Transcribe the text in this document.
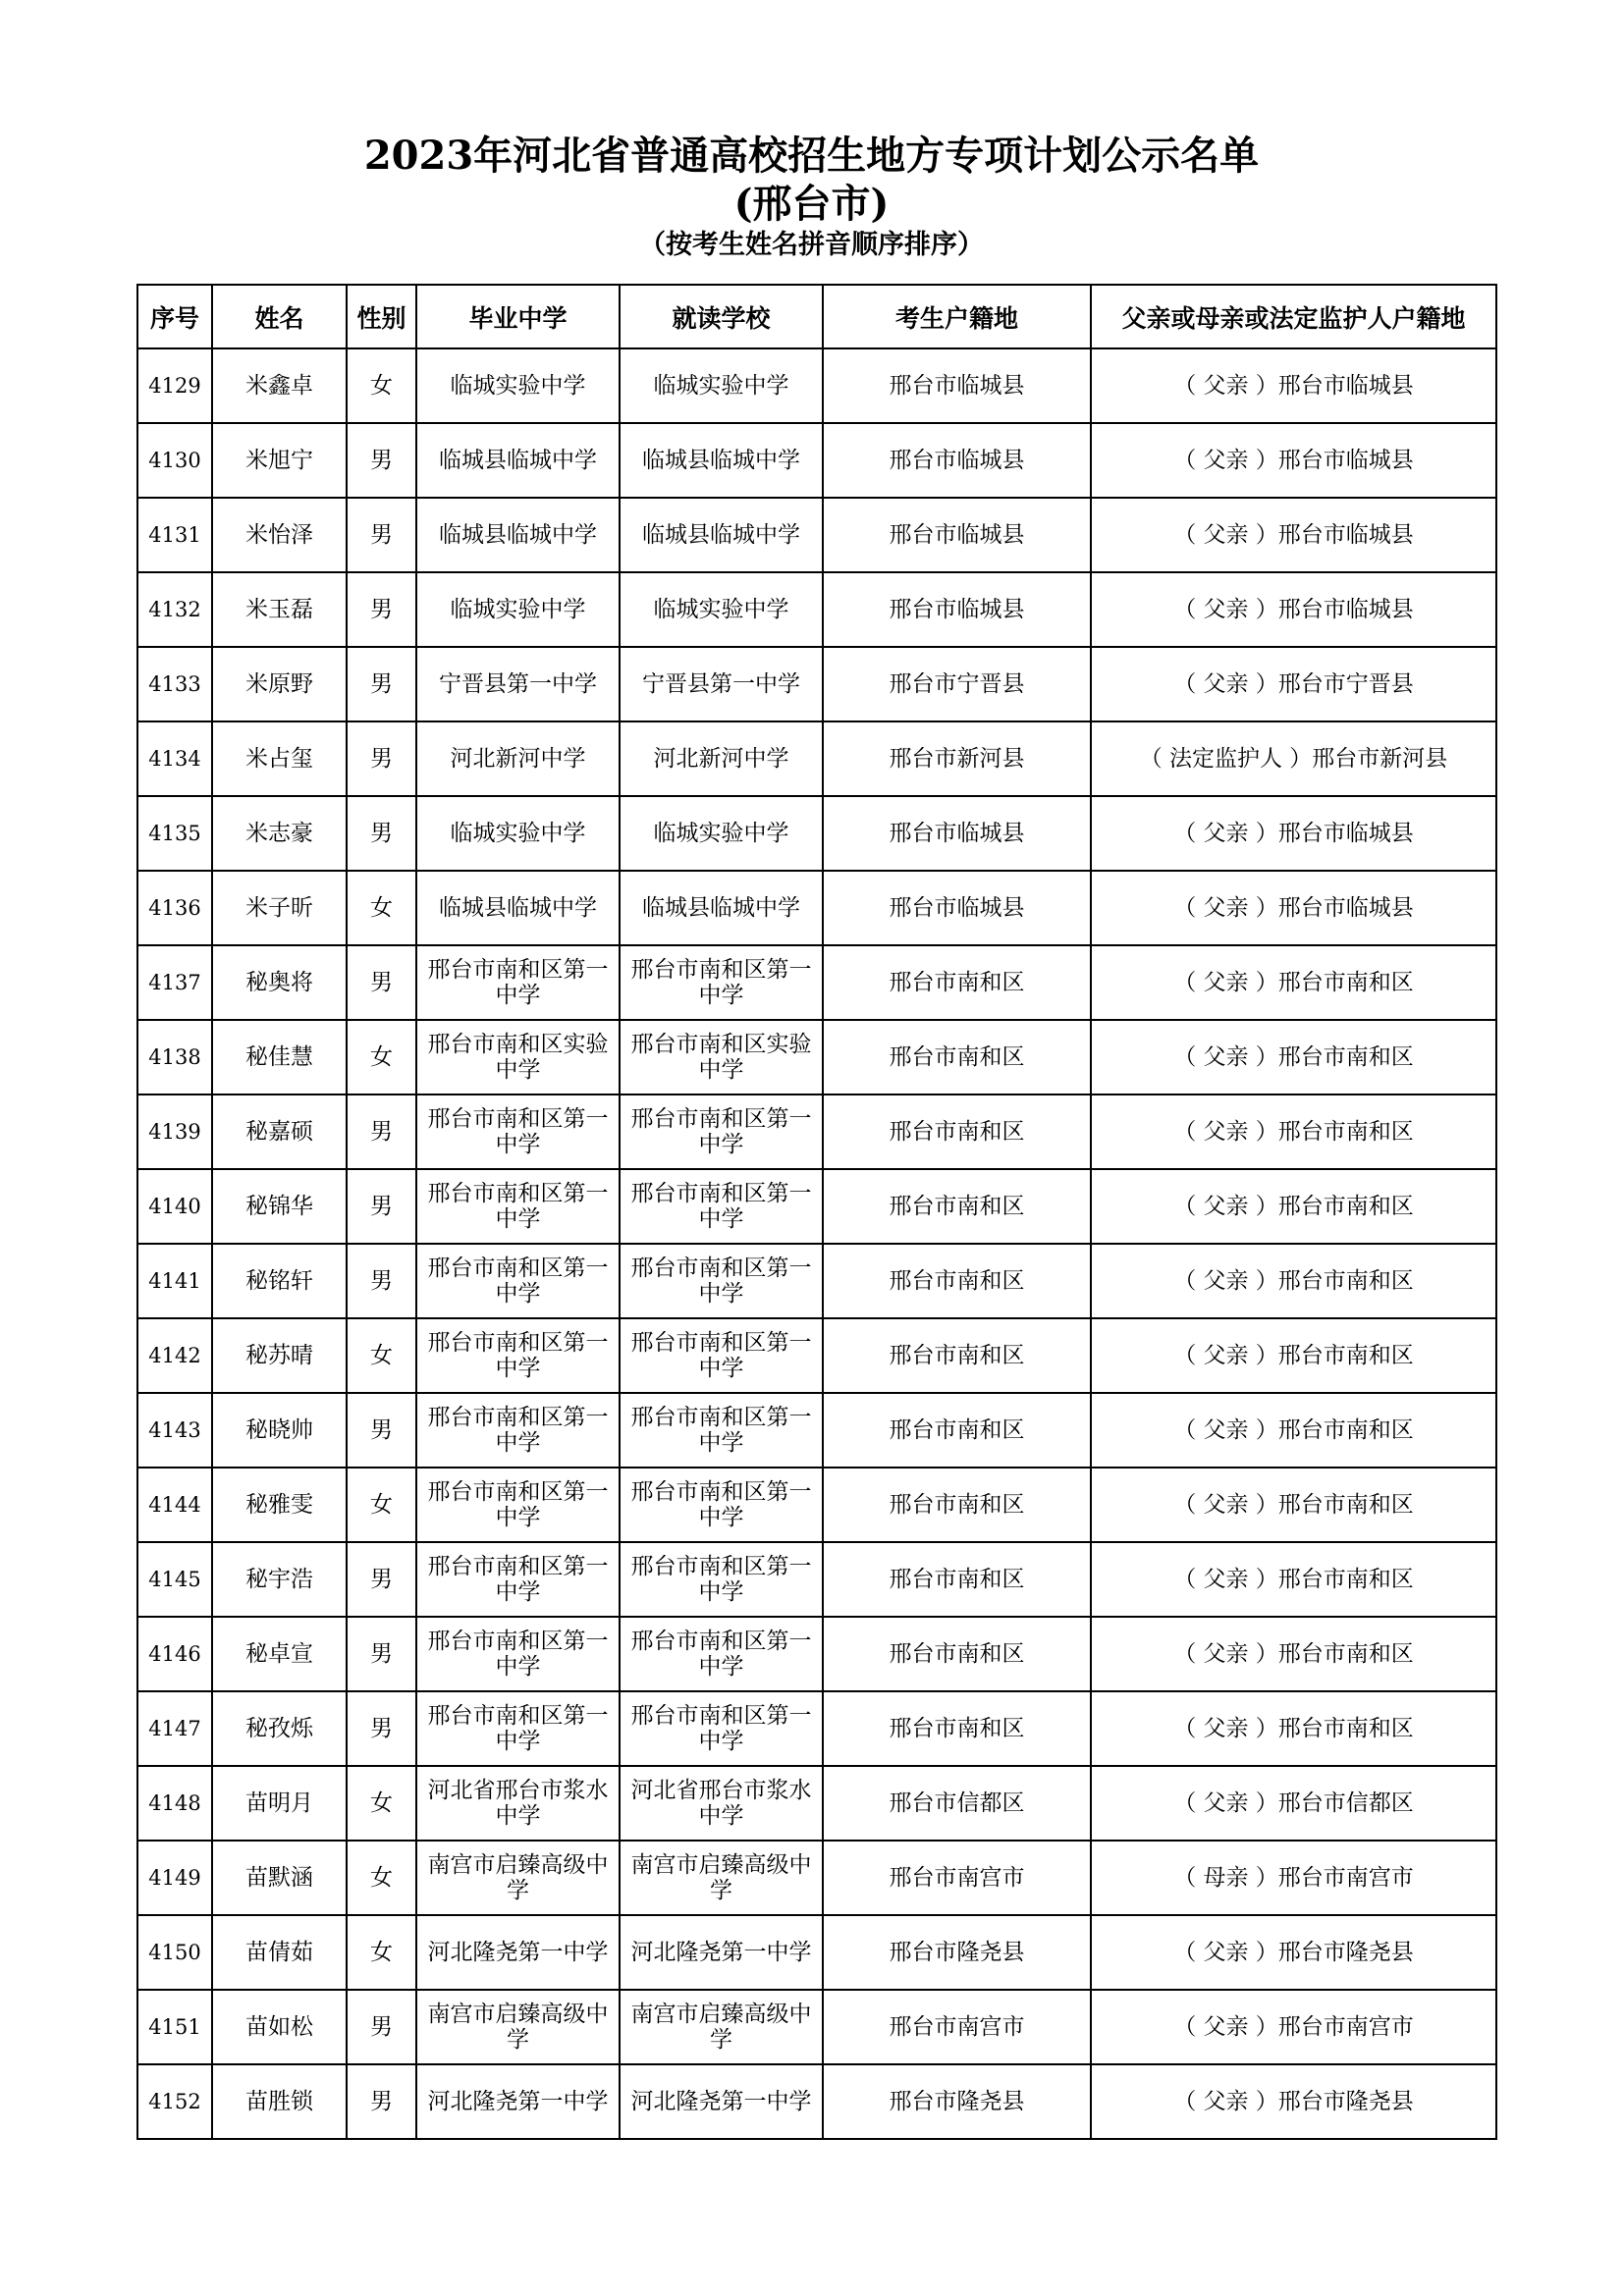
2023年河北省普通高校招生地方专项计划公示名单
(邢台市)
（按考生姓名拼音顺序排序）
序号	姓名	性别	毕业中学	就读学校	考生户籍地	父亲或母亲或法定监护人户籍地
4129	米鑫卓	女	临城实验中学	临城实验中学	邢台市临城县	（ 父亲 ）邢台市临城县
4130	米旭宁	男	临城县临城中学	临城县临城中学	邢台市临城县	（ 父亲 ）邢台市临城县
4131	米怡泽	男	临城县临城中学	临城县临城中学	邢台市临城县	（ 父亲 ）邢台市临城县
4132	米玉磊	男	临城实验中学	临城实验中学	邢台市临城县	（ 父亲 ）邢台市临城县
4133	米原野	男	宁晋县第一中学	宁晋县第一中学	邢台市宁晋县	（ 父亲 ）邢台市宁晋县
4134	米占玺	男	河北新河中学	河北新河中学	邢台市新河县	（ 法定监护人 ）邢台市新河县
4135	米志豪	男	临城实验中学	临城实验中学	邢台市临城县	（ 父亲 ）邢台市临城县
4136	米子昕	女	临城县临城中学	临城县临城中学	邢台市临城县	（ 父亲 ）邢台市临城县
4137	秘奥将	男	邢台市南和区第一中学	邢台市南和区第一中学	邢台市南和区	（ 父亲 ）邢台市南和区
4138	秘佳慧	女	邢台市南和区实验中学	邢台市南和区实验中学	邢台市南和区	（ 父亲 ）邢台市南和区
4139	秘嘉硕	男	邢台市南和区第一中学	邢台市南和区第一中学	邢台市南和区	（ 父亲 ）邢台市南和区
4140	秘锦华	男	邢台市南和区第一中学	邢台市南和区第一中学	邢台市南和区	（ 父亲 ）邢台市南和区
4141	秘铭轩	男	邢台市南和区第一中学	邢台市南和区第一中学	邢台市南和区	（ 父亲 ）邢台市南和区
4142	秘苏晴	女	邢台市南和区第一中学	邢台市南和区第一中学	邢台市南和区	（ 父亲 ）邢台市南和区
4143	秘晓帅	男	邢台市南和区第一中学	邢台市南和区第一中学	邢台市南和区	（ 父亲 ）邢台市南和区
4144	秘雅雯	女	邢台市南和区第一中学	邢台市南和区第一中学	邢台市南和区	（ 父亲 ）邢台市南和区
4145	秘宇浩	男	邢台市南和区第一中学	邢台市南和区第一中学	邢台市南和区	（ 父亲 ）邢台市南和区
4146	秘卓宣	男	邢台市南和区第一中学	邢台市南和区第一中学	邢台市南和区	（ 父亲 ）邢台市南和区
4147	秘孜烁	男	邢台市南和区第一中学	邢台市南和区第一中学	邢台市南和区	（ 父亲 ）邢台市南和区
4148	苗明月	女	河北省邢台市浆水中学	河北省邢台市浆水中学	邢台市信都区	（ 父亲 ）邢台市信都区
4149	苗默涵	女	南宫市启臻高级中学	南宫市启臻高级中学	邢台市南宫市	（ 母亲 ）邢台市南宫市
4150	苗倩茹	女	河北隆尧第一中学	河北隆尧第一中学	邢台市隆尧县	（ 父亲 ）邢台市隆尧县
4151	苗如松	男	南宫市启臻高级中学	南宫市启臻高级中学	邢台市南宫市	（ 父亲 ）邢台市南宫市
4152	苗胜锁	男	河北隆尧第一中学	河北隆尧第一中学	邢台市隆尧县	（ 父亲 ）邢台市隆尧县
